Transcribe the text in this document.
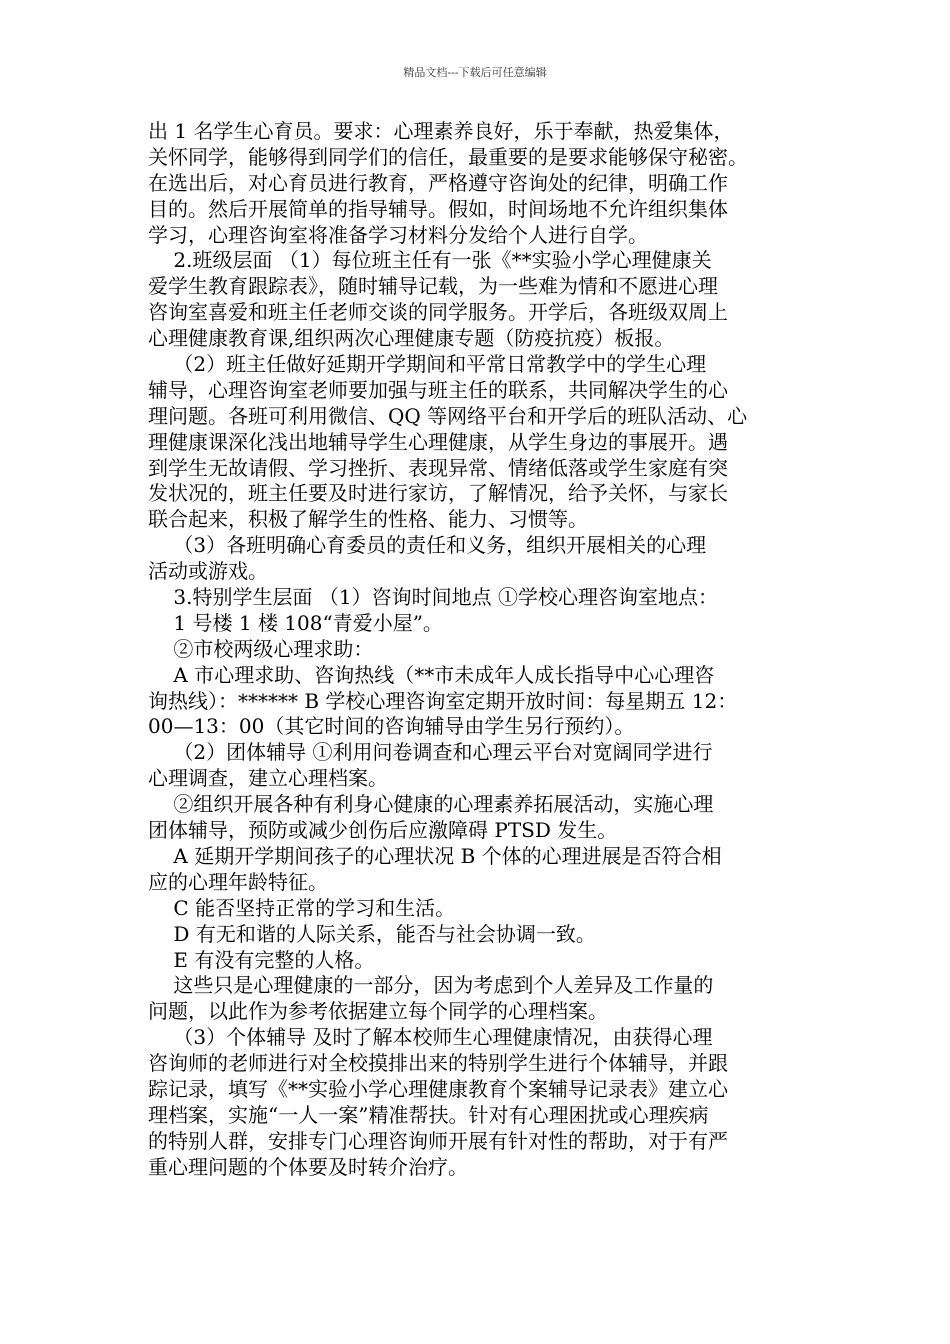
精品文档---下载后可任意编辑
出 1 名学生心育员。要求：心理素养良好，乐于奉献，热爱集体，
关怀同学，能够得到同学们的信任，最重要的是要求能够保守秘密。
在选出后，对心育员进行教育，严格遵守咨询处的纪律，明确工作
目的。然后开展简单的指导辅导。假如，时间场地不允许组织集体
学习，心理咨询室将准备学习材料分发给个人进行自学。
2.班级层面 （1）每位班主任有一张《**实验小学心理健康关
爱学生教育跟踪表》，随时辅导记载，为一些难为情和不愿进心理
咨询室喜爱和班主任老师交谈的同学服务。开学后，各班级双周上
心理健康教育课,组织两次心理健康专题（防疫抗疫）板报。
（2）班主任做好延期开学期间和平常日常教学中的学生心理
辅导，心理咨询室老师要加强与班主任的联系，共同解决学生的心
理问题。各班可利用微信、QQ 等网络平台和开学后的班队活动、心
理健康课深化浅出地辅导学生心理健康，从学生身边的事展开。遇
到学生无故请假、学习挫折、表现异常、情绪低落或学生家庭有突
发状况的，班主任要及时进行家访，了解情况，给予关怀，与家长
联合起来，积极了解学生的性格、能力、习惯等。
（3）各班明确心育委员的责任和义务，组织开展相关的心理
活动或游戏。
3.特别学生层面 （1）咨询时间地点 ①学校心理咨询室地点：
1 号楼 1 楼 108“青爱小屋”。
②市校两级心理求助：
A 市心理求助、咨询热线（**市未成年人成长指导中心心理咨
询热线）：****** B 学校心理咨询室定期开放时间：每星期五 12：
00—13：00（其它时间的咨询辅导由学生另行预约）。
（2）团体辅导 ①利用问卷调查和心理云平台对宽阔同学进行
心理调查，建立心理档案。
②组织开展各种有利身心健康的心理素养拓展活动，实施心理
团体辅导，预防或减少创伤后应激障碍 PTSD 发生。
A 延期开学期间孩子的心理状况 B 个体的心理进展是否符合相
应的心理年龄特征。
C 能否坚持正常的学习和生活。
D 有无和谐的人际关系，能否与社会协调一致。
E 有没有完整的人格。
这些只是心理健康的一部分，因为考虑到个人差异及工作量的
问题，以此作为参考依据建立每个同学的心理档案。
（3）个体辅导 及时了解本校师生心理健康情况，由获得心理
咨询师的老师进行对全校摸排出来的特别学生进行个体辅导，并跟
踪记录，填写《**实验小学心理健康教育个案辅导记录表》建立心
理档案，实施“一人一案”精准帮扶。针对有心理困扰或心理疾病
的特别人群，安排专门心理咨询师开展有针对性的帮助，对于有严
重心理问题的个体要及时转介治疗。
